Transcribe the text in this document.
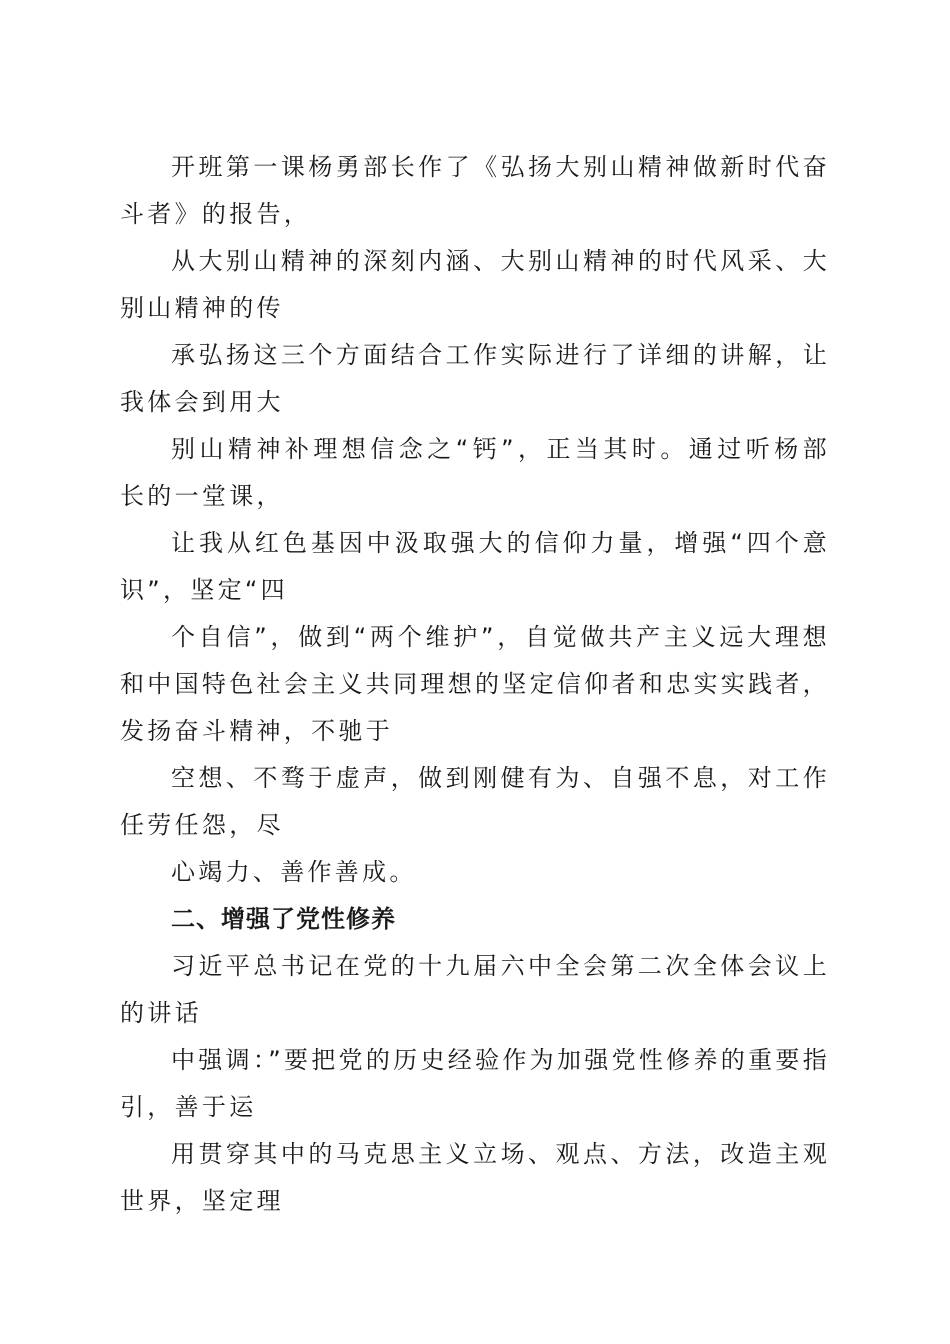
开班第一课杨勇部长作了《弘扬大别山精神做新时代奋斗者》的报告，

从大别山精神的深刻内涵、大别山精神的时代风采、大别山精神的传

承弘扬这三个方面结合工作实际进行了详细的讲解，让我体会到用大

别山精神补理想信念之“钙”，正当其时。通过听杨部长的一堂课，

让我从红色基因中汲取强大的信仰力量，增强“四个意识”，坚定“四

个自信”，做到“两个维护”，自觉做共产主义远大理想和中国特色社会主义共同理想的坚定信仰者和忠实实践者，发扬奋斗精神，不驰于

空想、不骛于虚声，做到刚健有为、自强不息，对工作任劳任怨，尽

心竭力、善作善成。

二、增强了党性修养

习近平总书记在党的十九届六中全会第二次全体会议上的讲话

中强调：”要把党的历史经验作为加强党性修养的重要指引，善于运

用贯穿其中的马克思主义立场、观点、方法，改造主观世界，坚定理
